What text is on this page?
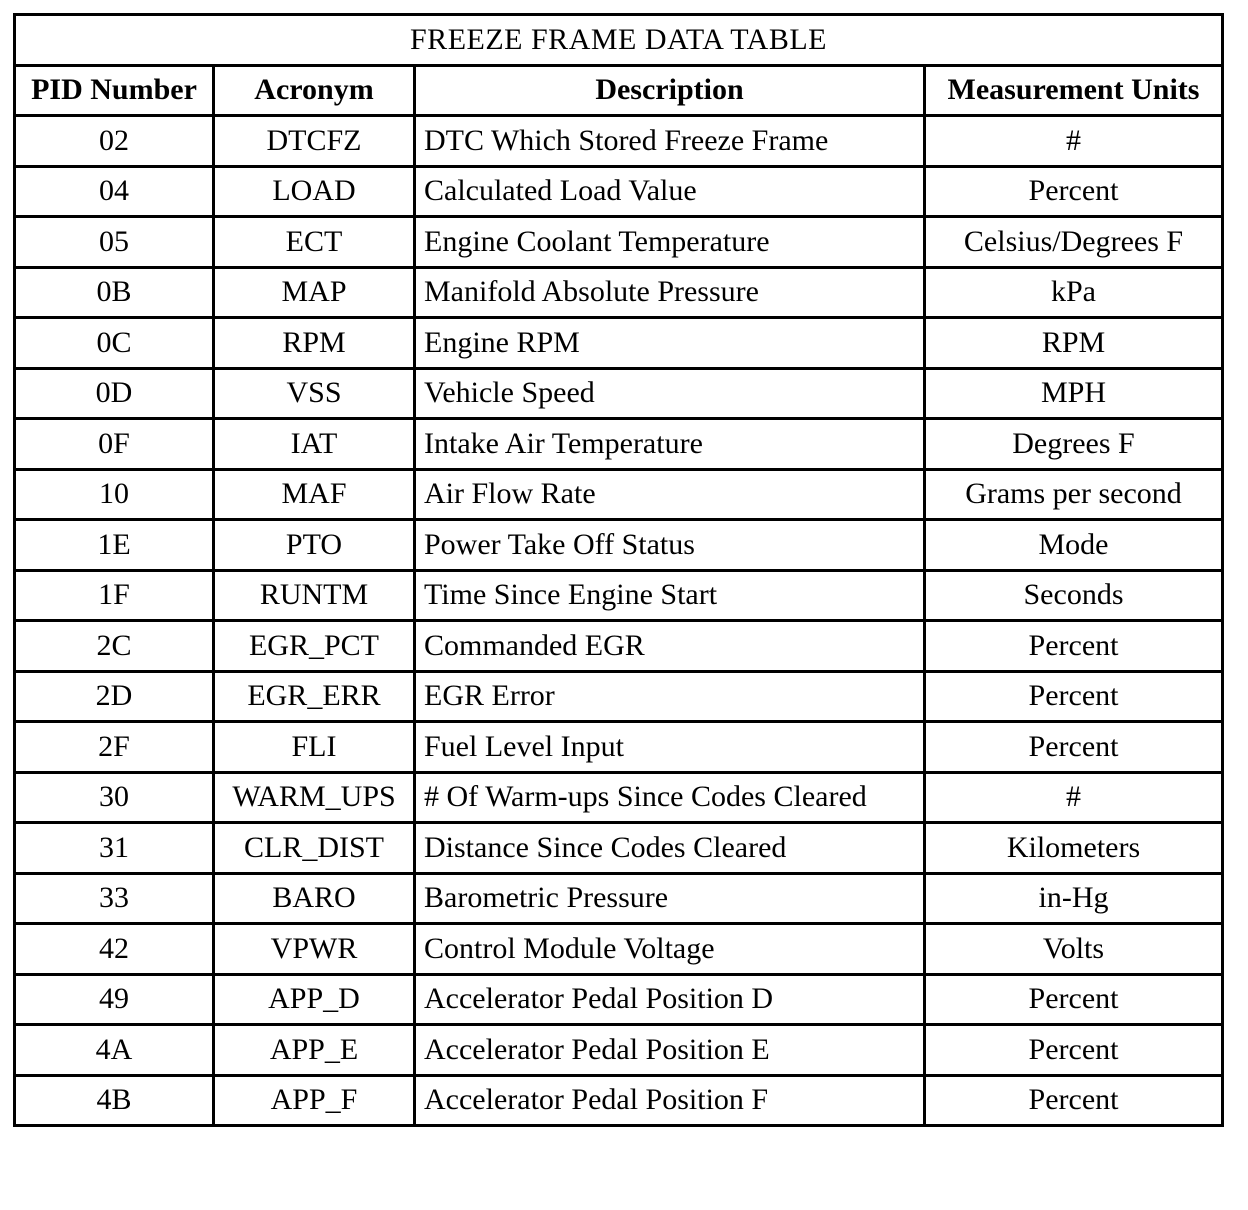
FREEZE FRAME DATA TABLE			
PID Number	Acronym	Description	Measurement Units
02	DTCFZ	DTC Which Stored Freeze Frame	#
04	LOAD	Calculated Load Value	Percent
05	ECT	Engine Coolant Temperature	Celsius/Degrees F
0B	MAP	Manifold Absolute Pressure	kPa
0C	RPM	Engine RPM	RPM
0D	VSS	Vehicle Speed	MPH
0F	IAT	Intake Air Temperature	Degrees F
10	MAF	Air Flow Rate	Grams per second
1E	PTO	Power Take Off Status	Mode
1F	RUNTM	Time Since Engine Start	Seconds
2C	EGR_PCT	Commanded EGR	Percent
2D	EGR_ERR	EGR Error	Percent
2F	FLI	Fuel Level Input	Percent
30	WARM_UPS	# Of Warm-ups Since Codes Cleared	#
31	CLR_DIST	Distance Since Codes Cleared	Kilometers
33	BARO	Barometric Pressure	in-Hg
42	VPWR	Control Module Voltage	Volts
49	APP_D	Accelerator Pedal Position D	Percent
4A	APP_E	Accelerator Pedal Position E	Percent
4B	APP_F	Accelerator Pedal Position F	Percent
